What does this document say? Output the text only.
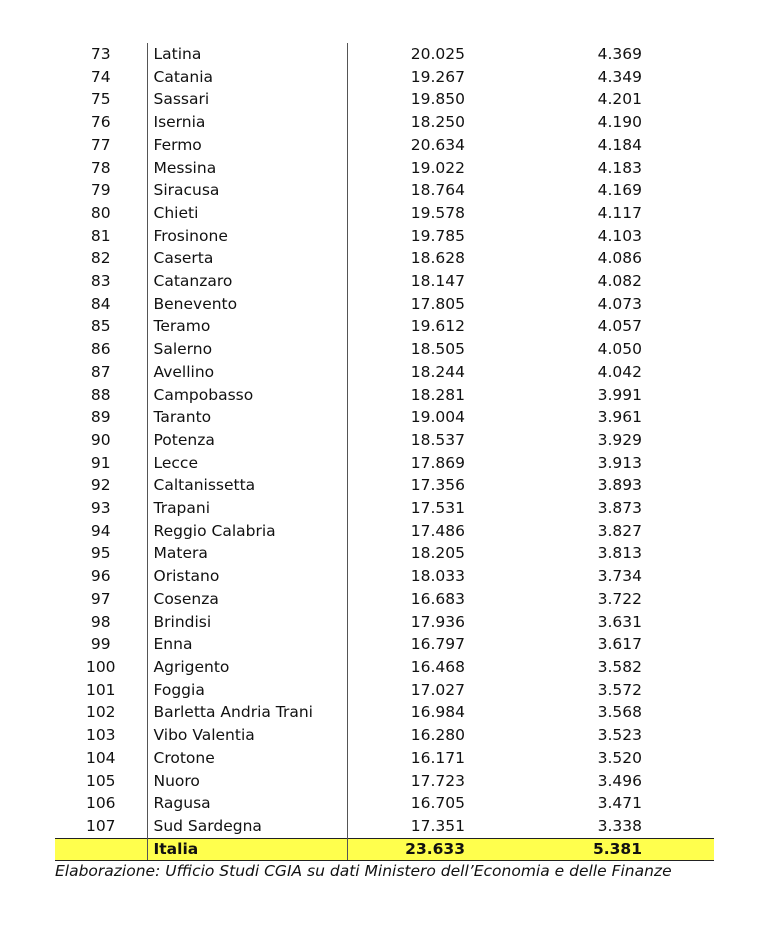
73	Latina	20.025	4.369
74	Catania	19.267	4.349
75	Sassari	19.850	4.201
76	Isernia	18.250	4.190
77	Fermo	20.634	4.184
78	Messina	19.022	4.183
79	Siracusa	18.764	4.169
80	Chieti	19.578	4.117
81	Frosinone	19.785	4.103
82	Caserta	18.628	4.086
83	Catanzaro	18.147	4.082
84	Benevento	17.805	4.073
85	Teramo	19.612	4.057
86	Salerno	18.505	4.050
87	Avellino	18.244	4.042
88	Campobasso	18.281	3.991
89	Taranto	19.004	3.961
90	Potenza	18.537	3.929
91	Lecce	17.869	3.913
92	Caltanissetta	17.356	3.893
93	Trapani	17.531	3.873
94	Reggio Calabria	17.486	3.827
95	Matera	18.205	3.813
96	Oristano	18.033	3.734
97	Cosenza	16.683	3.722
98	Brindisi	17.936	3.631
99	Enna	16.797	3.617
100	Agrigento	16.468	3.582
101	Foggia	17.027	3.572
102	Barletta Andria Trani	16.984	3.568
103	Vibo Valentia	16.280	3.523
104	Crotone	16.171	3.520
105	Nuoro	17.723	3.496
106	Ragusa	16.705	3.471
107	Sud Sardegna	17.351	3.338
	Italia	23.633	5.381
Elaborazione: Ufficio Studi CGIA su dati Ministero dell’Economia e delle Finanze
